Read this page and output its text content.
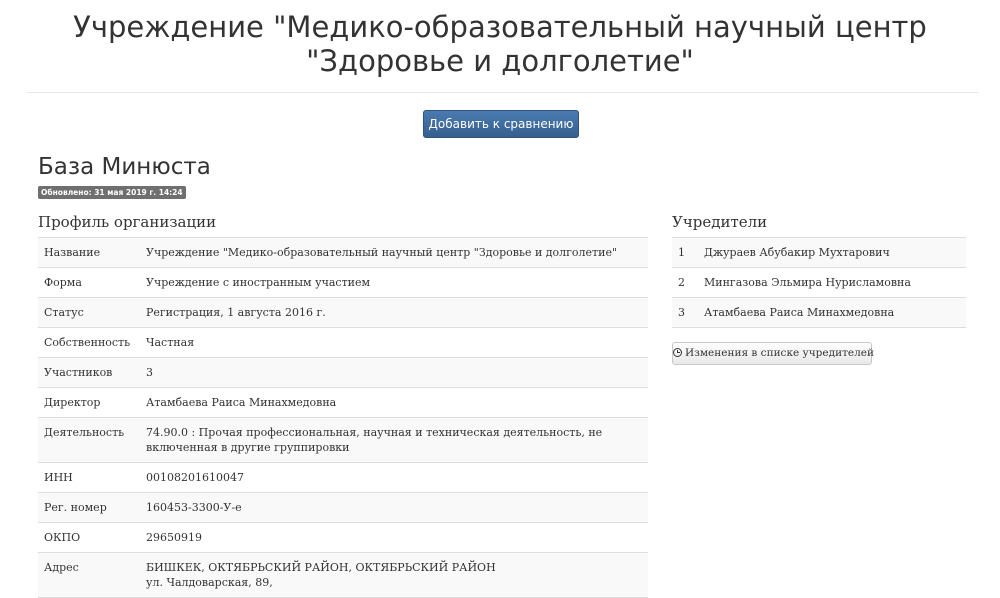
Учреждение "Медико-образовательный научный центр
"Здоровье и долголетие"
Добавить к сравнению
База Минюста
Обновлено: 31 мая 2019 г. 14:24
Профиль организации
Название	Учреждение "Медико-образовательный научный центр "Здоровье и долголетие"
Форма	Учреждение с иностранным участием
Статус	Регистрация, 1 августа 2016 г.
Собственность	Частная
Участников	3
Директор	Атамбаева Раиса Минахмедовна
Деятельность	74.90.0 : Прочая профессиональная, научная и техническая деятельность, не
включенная в другие группировки
ИНН	00108201610047
Рег. номер	160453-3300-У-е
ОКПО	29650919
Адрес	БИШКЕК, ОКТЯБРЬСКИЙ РАЙОН, ОКТЯБРЬСКИЙ РАЙОН
ул. Чалдоварская, 89,
Учредители
1	Джураев Абубакир Мухтарович
2	Мингазова Эльмира Нурисламовна
3	Атамбаева Раиса Минахмедовна
Изменения в списке учредителей
